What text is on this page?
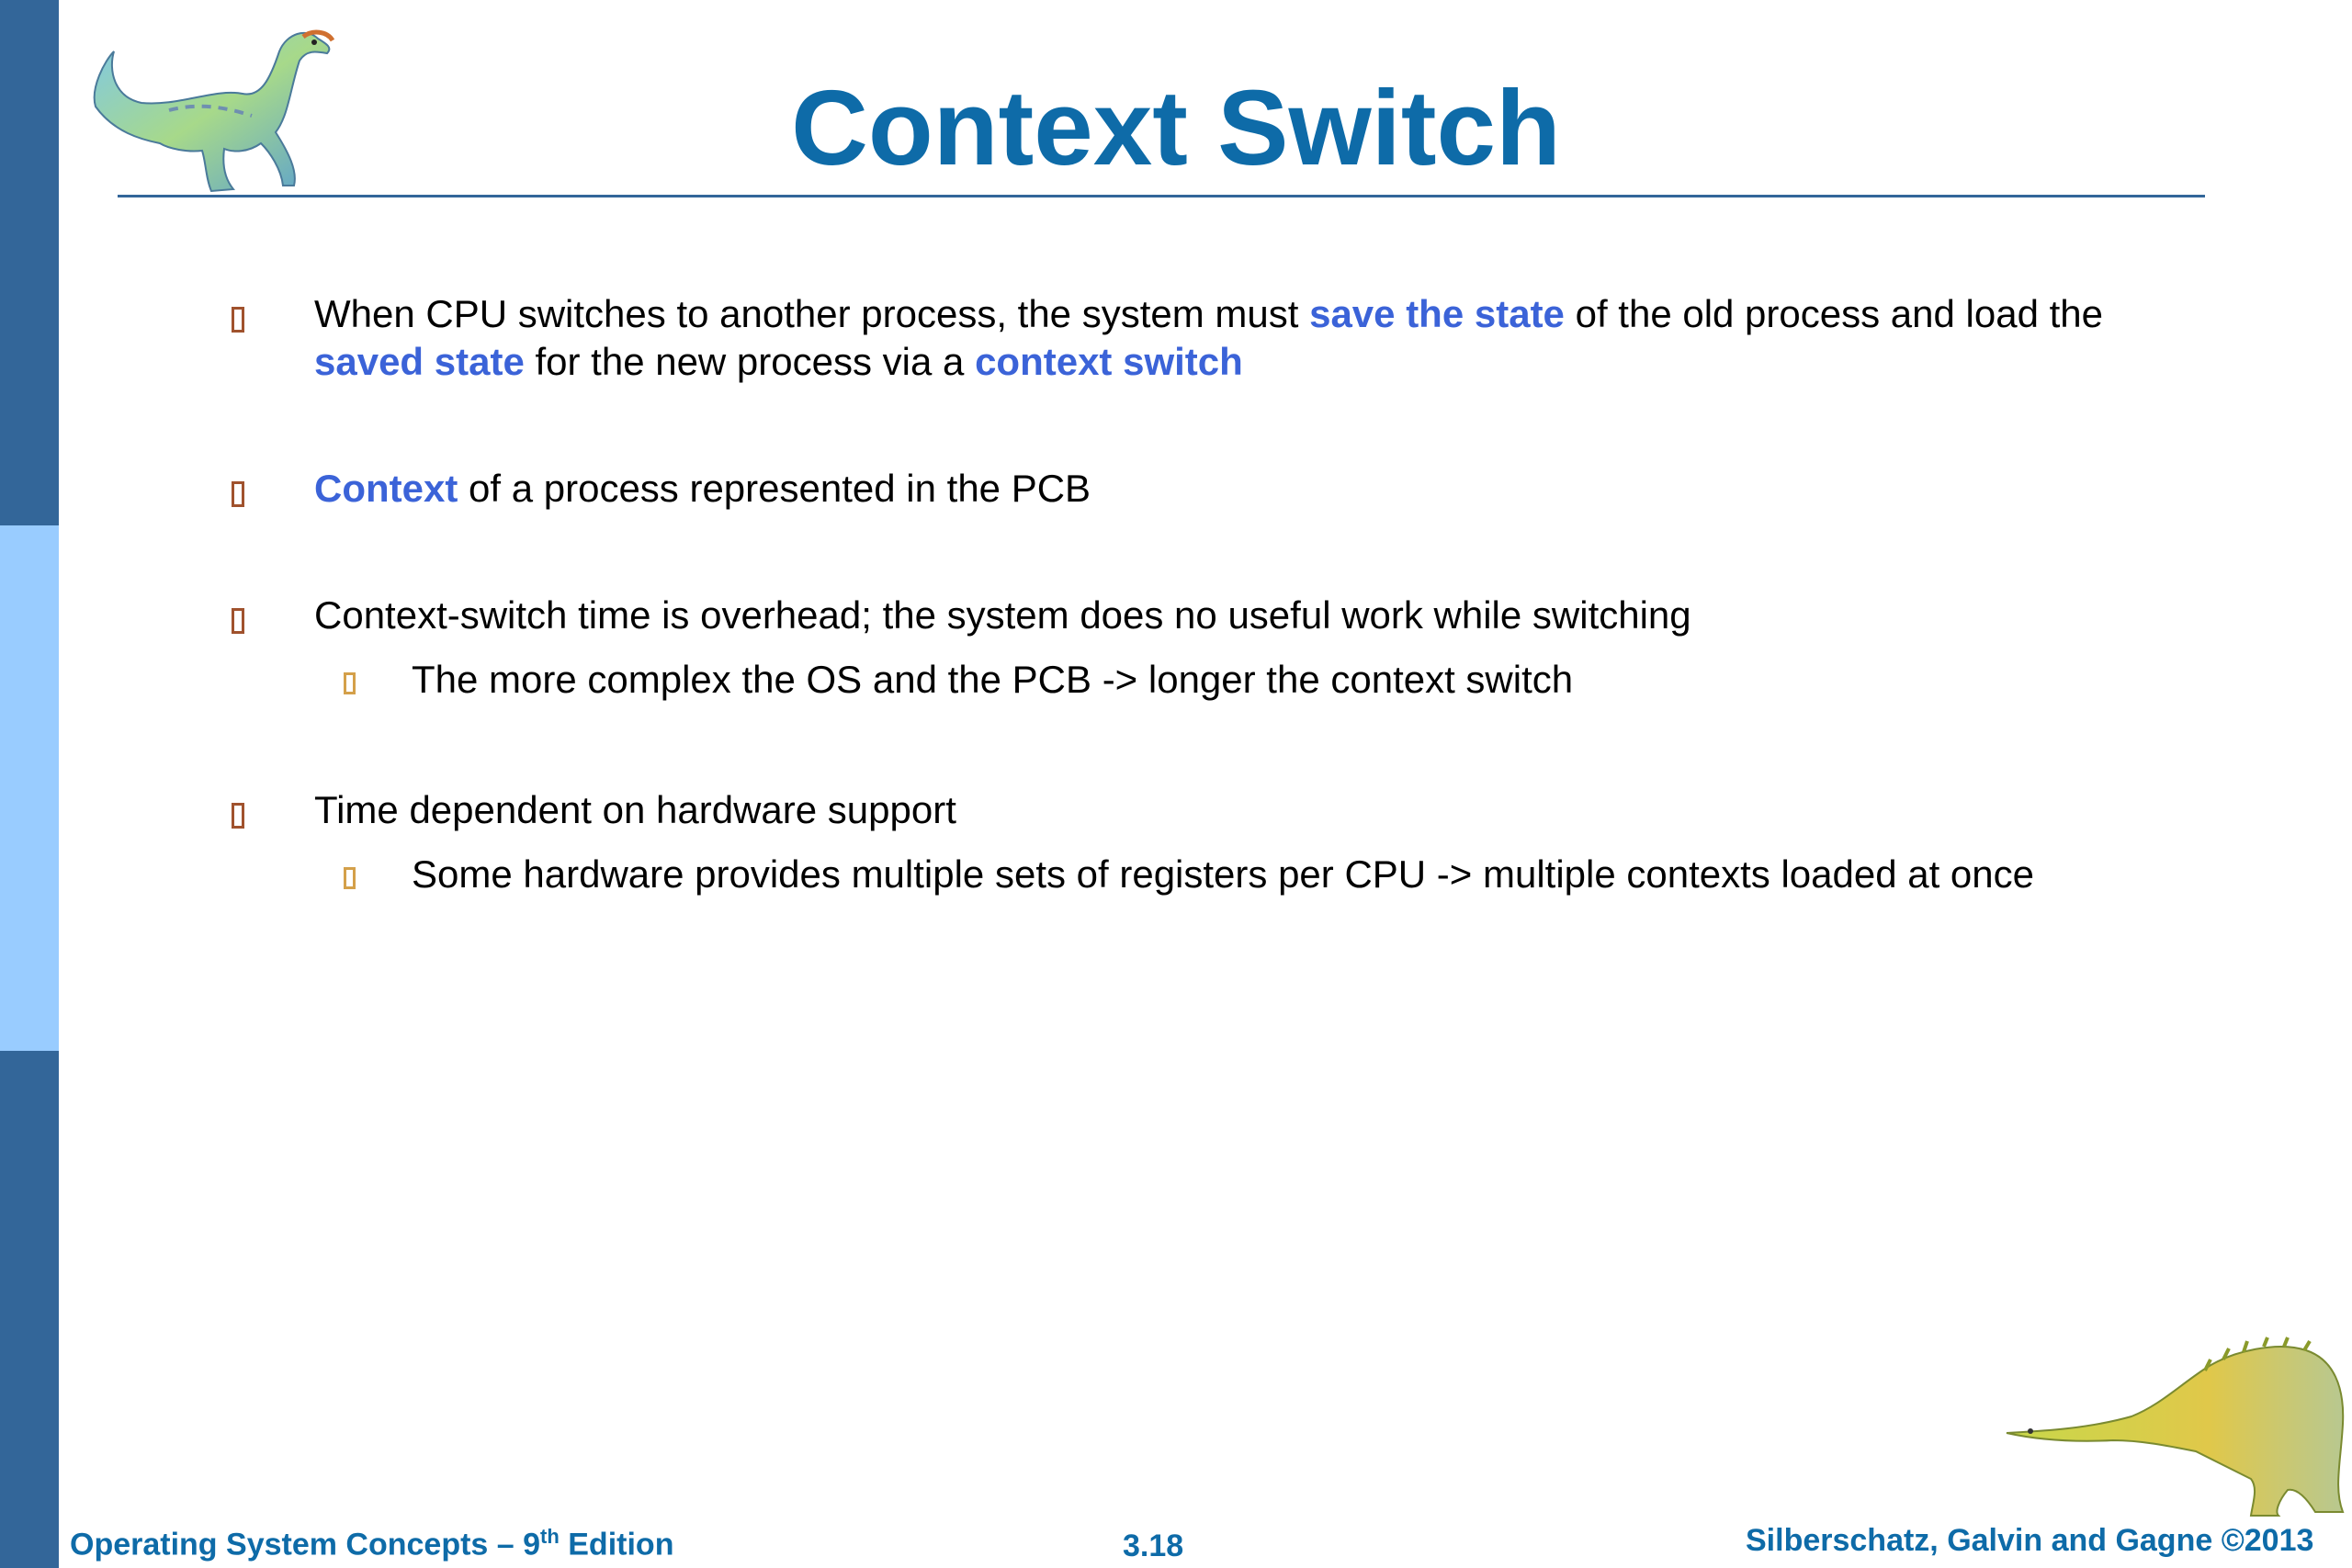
Context Switch
When CPU switches to another process, the system must save the state of the old process and load the saved state for the new process via a context switch
Context of a process represented in the PCB
Context-switch time is overhead; the system does no useful work while switching
The more complex the OS and the PCB -> longer the context switch
Time dependent on hardware support
Some hardware provides multiple sets of registers per CPU -> multiple contexts loaded at once
Operating System Concepts – 9th Edition	3.18	Silberschatz, Galvin and Gagne ©2013
